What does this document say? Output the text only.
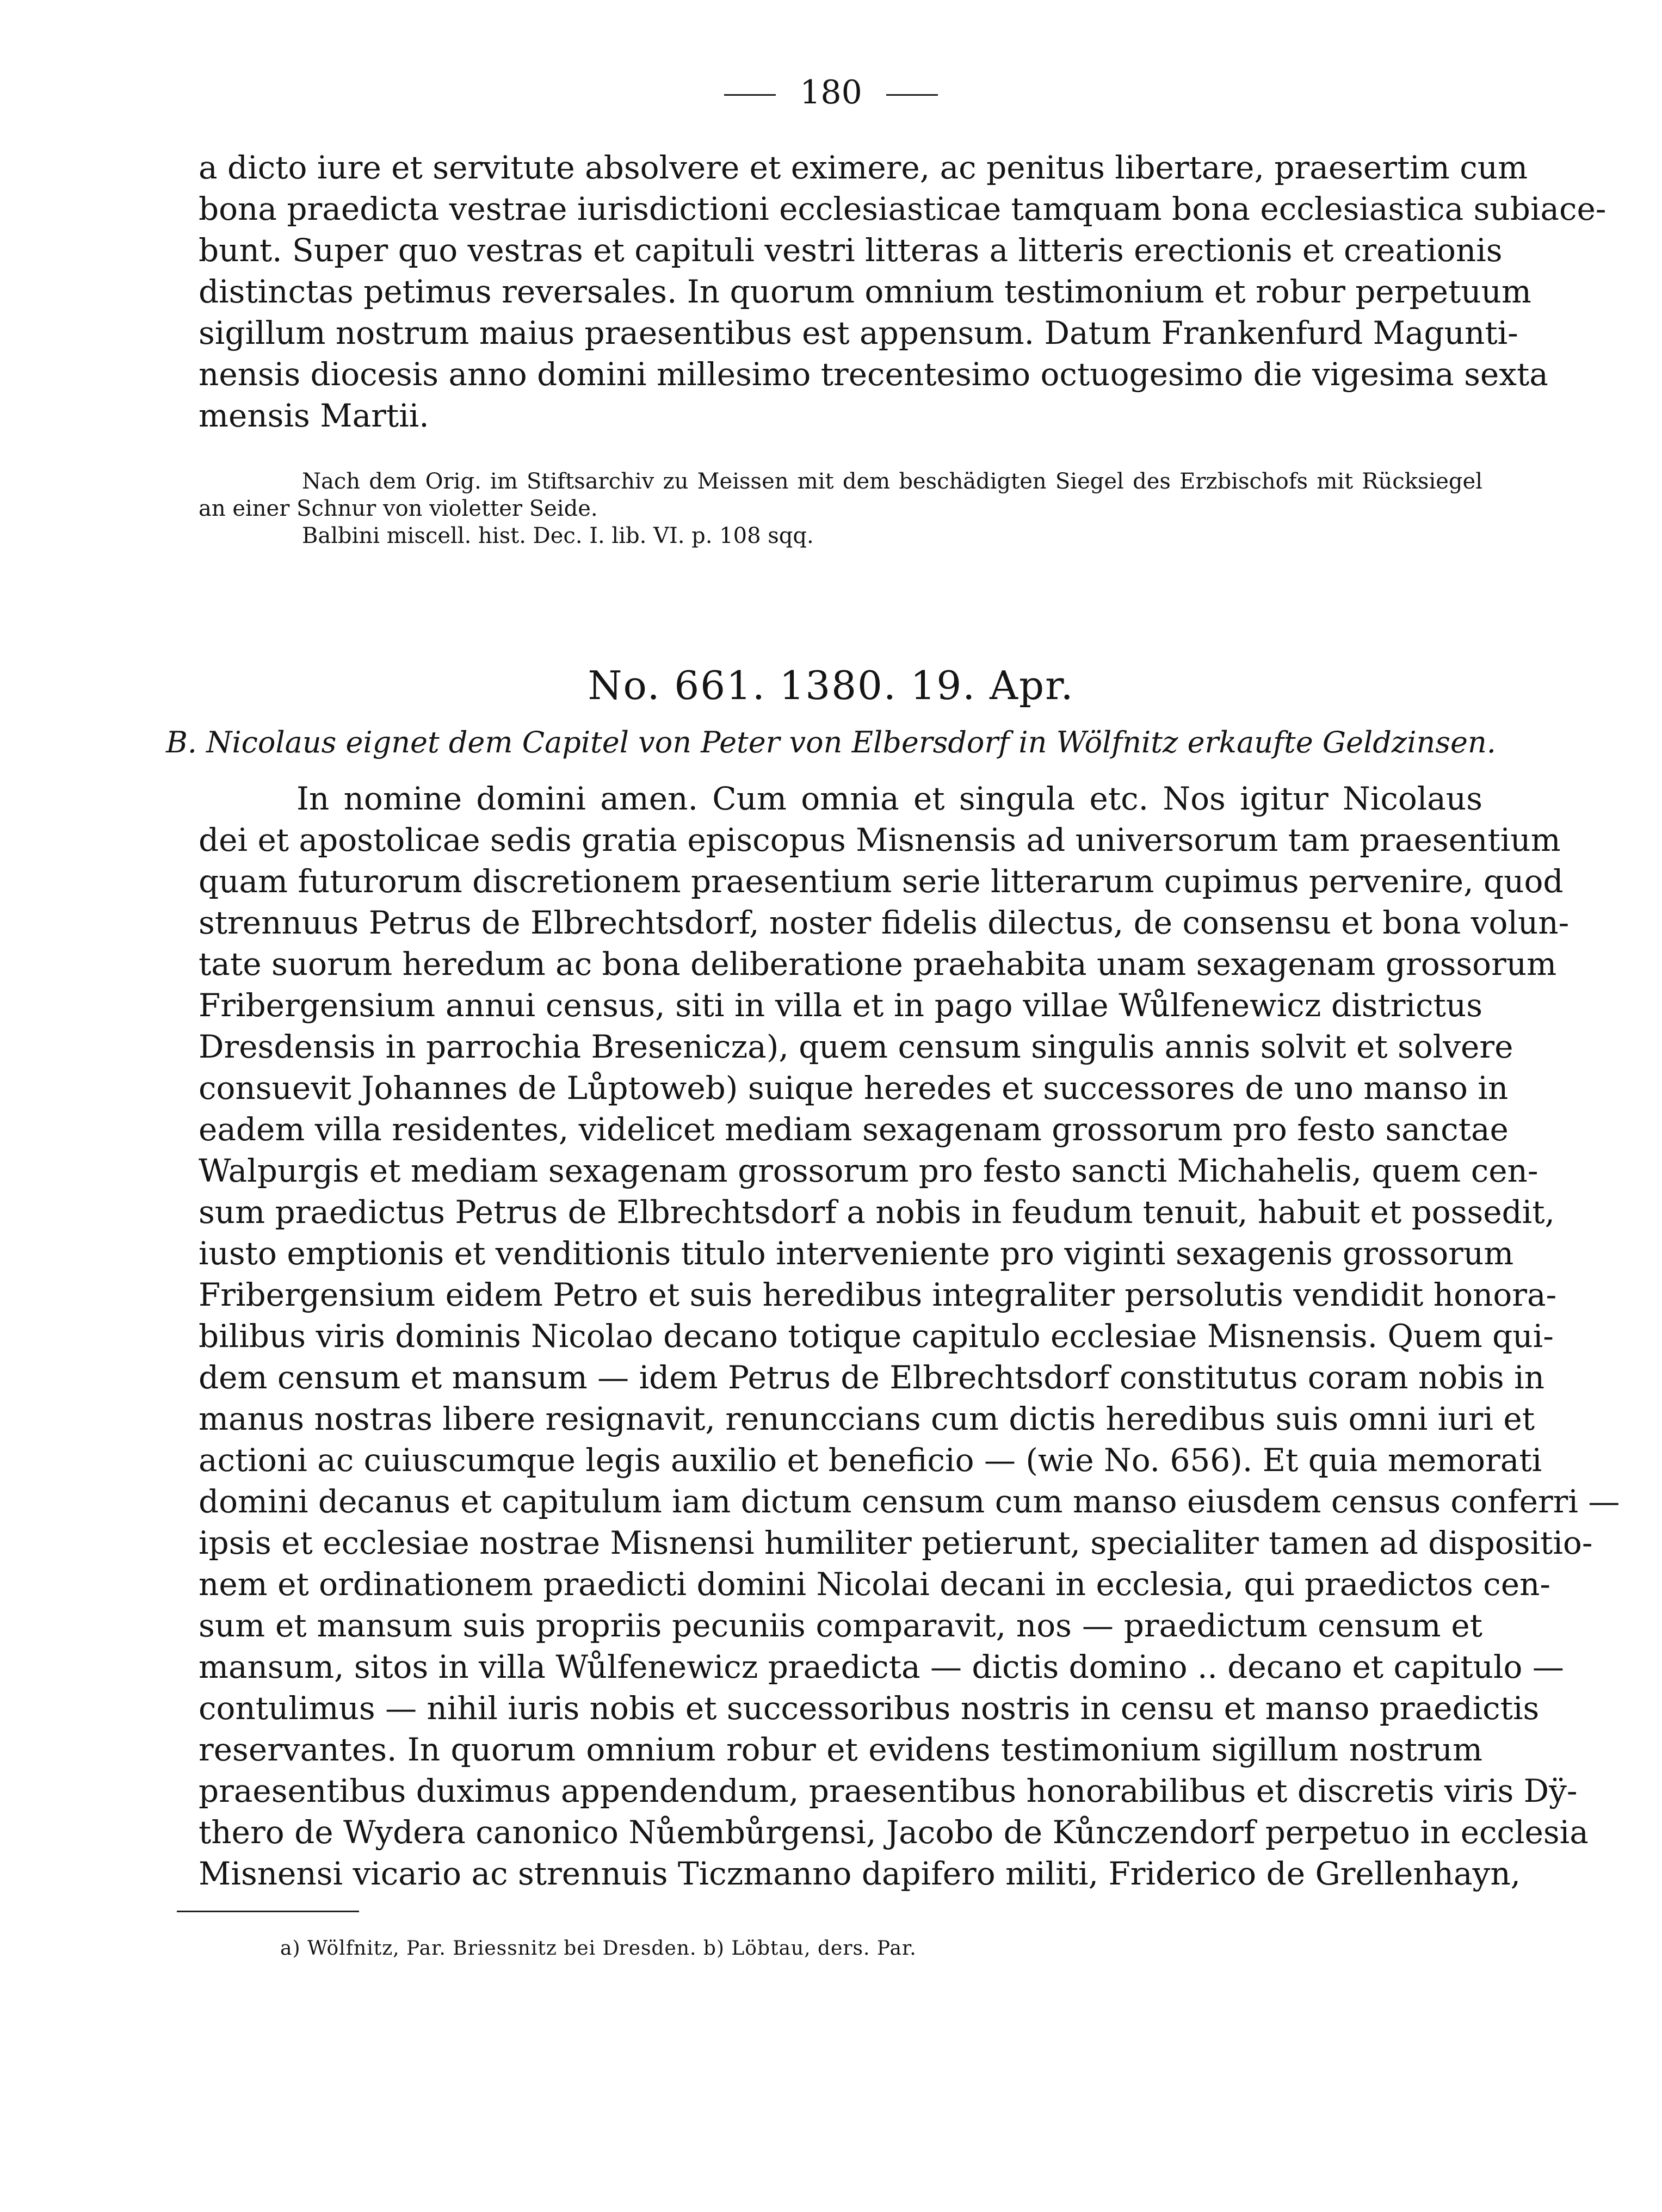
180
a dicto iure et servitute absolvere et eximere, ac penitus libertare, praesertim cum
bona praedicta vestrae iurisdictioni ecclesiasticae tamquam bona ecclesiastica subiace-
bunt. Super quo vestras et capituli vestri litteras a litteris erectionis et creationis
distinctas petimus reversales. In quorum omnium testimonium et robur perpetuum
sigillum nostrum maius praesentibus est appensum. Datum Frankenfurd Magunti-
nensis diocesis anno domini millesimo trecentesimo octuogesimo die vigesima sexta
mensis Martii.
Nach dem Orig. im Stiftsarchiv zu Meissen mit dem beschädigten Siegel des Erzbischofs mit Rücksiegel
an einer Schnur von violetter Seide.
Balbini miscell. hist. Dec. I. lib. VI. p. 108 sqq.
No. 661. 1380. 19. Apr.
B. Nicolaus eignet dem Capitel von Peter von Elbersdorf in Wölfnitz erkaufte Geldzinsen.
In nomine domini amen. Cum omnia et singula etc. Nos igitur Nicolaus
dei et apostolicae sedis gratia episcopus Misnensis ad universorum tam praesentium
quam futurorum discretionem praesentium serie litterarum cupimus pervenire, quod
strennuus Petrus de Elbrechtsdorf, noster fidelis dilectus, de consensu et bona volun-
tate suorum heredum ac bona deliberatione praehabita unam sexagenam grossorum
Fribergensium annui census, siti in villa et in pago villae Wůlfenewicz districtus
Dresdensis in parrochia Bresenicza), quem censum singulis annis solvit et solvere
consuevit Johannes de Lůptoweb) suique heredes et successores de uno manso in
eadem villa residentes, videlicet mediam sexagenam grossorum pro festo sanctae
Walpurgis et mediam sexagenam grossorum pro festo sancti Michahelis, quem cen-
sum praedictus Petrus de Elbrechtsdorf a nobis in feudum tenuit, habuit et possedit,
iusto emptionis et venditionis titulo interveniente pro viginti sexagenis grossorum
Fribergensium eidem Petro et suis heredibus integraliter persolutis vendidit honora-
bilibus viris dominis Nicolao decano totique capitulo ecclesiae Misnensis. Quem qui-
dem censum et mansum — idem Petrus de Elbrechtsdorf constitutus coram nobis in
manus nostras libere resignavit, renunccians cum dictis heredibus suis omni iuri et
actioni ac cuiuscumque legis auxilio et beneficio — (wie No. 656). Et quia memorati
domini decanus et capitulum iam dictum censum cum manso eiusdem census conferri —
ipsis et ecclesiae nostrae Misnensi humiliter petierunt, specialiter tamen ad dispositio-
nem et ordinationem praedicti domini Nicolai decani in ecclesia, qui praedictos cen-
sum et mansum suis propriis pecuniis comparavit, nos — praedictum censum et
mansum, sitos in villa Wůlfenewicz praedicta — dictis domino .. decano et capitulo —
contulimus — nihil iuris nobis et successoribus nostris in censu et manso praedictis
reservantes. In quorum omnium robur et evidens testimonium sigillum nostrum
praesentibus duximus appendendum, praesentibus honorabilibus et discretis viris Dÿ-
thero de Wydera canonico Nůembůrgensi, Jacobo de Kůnczendorf perpetuo in ecclesia
Misnensi vicario ac strennuis Ticzmanno dapifero militi, Friderico de Grellenhayn,
a) Wölfnitz, Par. Briessnitz bei Dresden. b) Löbtau, ders. Par.
